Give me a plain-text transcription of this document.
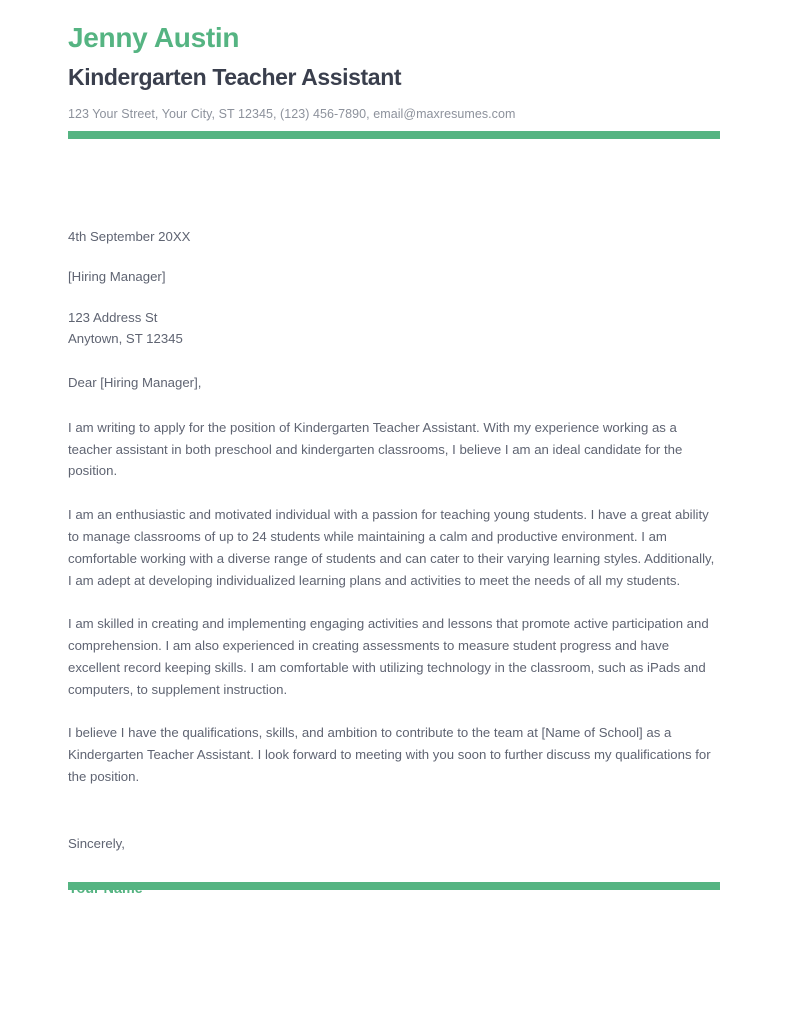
Jenny Austin
Kindergarten Teacher Assistant

123 Your Street, Your City, ST 12345, (123) 456-7890, email@maxresumes.com

4th September 20XX

[Hiring Manager]

123 Address St
Anytown, ST 12345

Dear [Hiring Manager],

I am writing to apply for the position of Kindergarten Teacher Assistant. With my experience working as a teacher assistant in both preschool and kindergarten classrooms, I believe I am an ideal candidate for the position.

I am an enthusiastic and motivated individual with a passion for teaching young students. I have a great ability to manage classrooms of up to 24 students while maintaining a calm and productive environment. I am comfortable working with a diverse range of students and can cater to their varying learning styles. Additionally, I am adept at developing individualized learning plans and activities to meet the needs of all my students.

I am skilled in creating and implementing engaging activities and lessons that promote active participation and comprehension. I am also experienced in creating assessments to measure student progress and have excellent record keeping skills. I am comfortable with utilizing technology in the classroom, such as iPads and computers, to supplement instruction.

I believe I have the qualifications, skills, and ambition to contribute to the team at [Name of School] as a Kindergarten Teacher Assistant. I look forward to meeting with you soon to further discuss my qualifications for the position.

Sincerely,
